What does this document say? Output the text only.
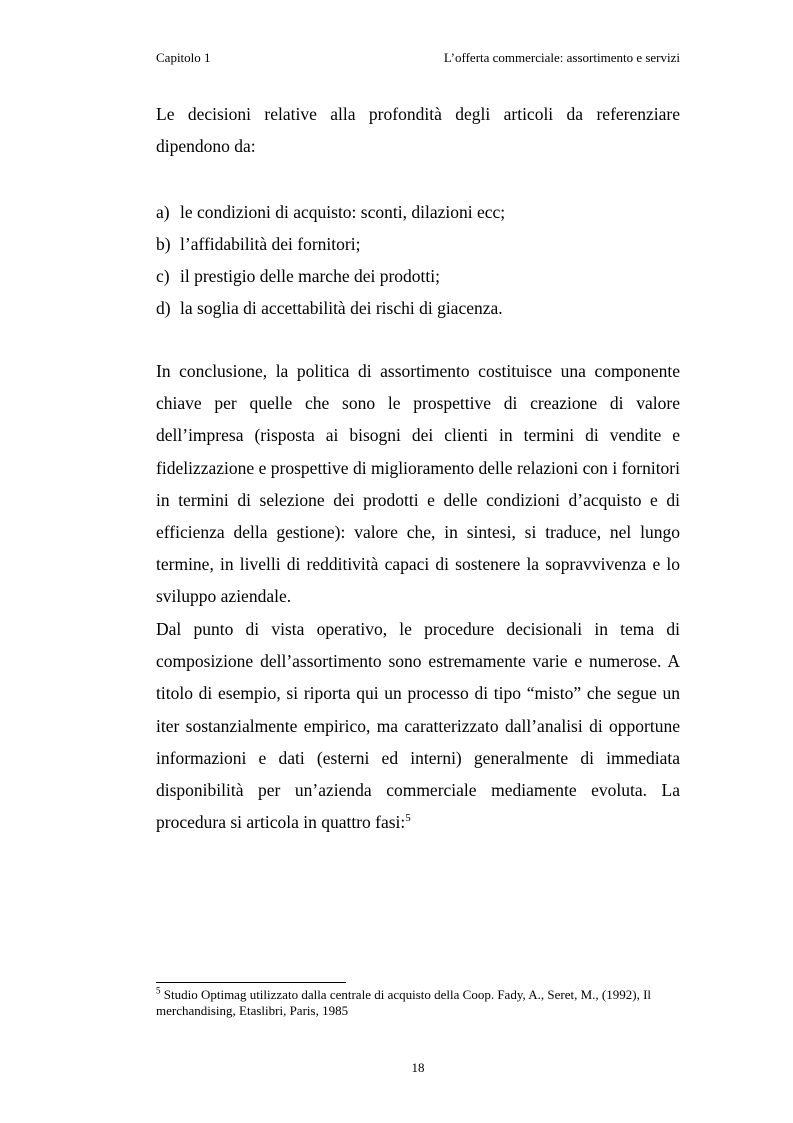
Capitolo 1	L’offerta commerciale: assortimento e servizi

Le decisioni relative alla profondità degli articoli da referenziare dipendono da:

a) le condizioni di acquisto: sconti, dilazioni ecc;
b) l’affidabilità dei fornitori;
c) il prestigio delle marche dei prodotti;
d) la soglia di accettabilità dei rischi di giacenza.

In conclusione, la politica di assortimento costituisce una componente chiave per quelle che sono le prospettive di creazione di valore dell’impresa (risposta ai bisogni dei clienti in termini di vendite e fidelizzazione e prospettive di miglioramento delle relazioni con i fornitori in termini di selezione dei prodotti e delle condizioni d’acquisto e di efficienza della gestione): valore che, in sintesi, si traduce, nel lungo termine, in livelli di redditività capaci di sostenere la sopravvivenza e lo sviluppo aziendale.

Dal punto di vista operativo, le procedure decisionali in tema di composizione dell’assortimento sono estremamente varie e numerose. A titolo di esempio, si riporta qui un processo di tipo “misto” che segue un iter sostanzialmente empirico, ma caratterizzato dall’analisi di opportune informazioni e dati (esterni ed interni) generalmente di immediata disponibilità per un’azienda commerciale mediamente evoluta. La procedura si articola in quattro fasi:$^5$

$^5$ Studio Optimag utilizzato dalla centrale di acquisto della Coop. Fady, A., Seret, M., (1992), Il merchandising, Etaslibri, Paris, 1985
18
